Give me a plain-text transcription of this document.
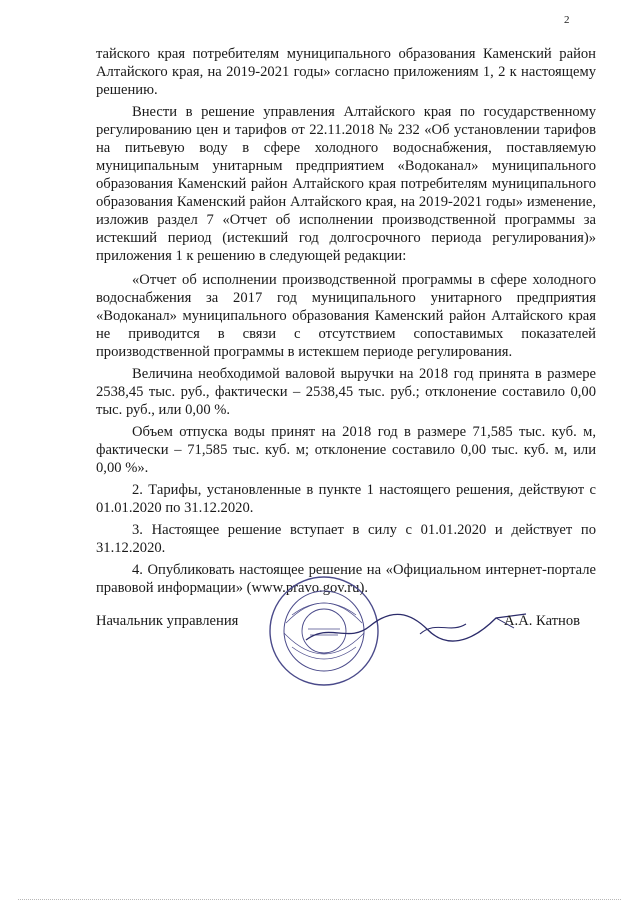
2

тайского края потребителям муниципального образования Каменский район Алтайского края, на 2019-2021 годы» согласно приложениям 1, 2 к настоящему решению.

Внести в решение управления Алтайского края по государственному регулированию цен и тарифов от 22.11.2018 № 232 «Об установлении тарифов на питьевую воду в сфере холодного водоснабжения, поставляемую муниципальным унитарным предприятием «Водоканал» муниципального образования Каменский район Алтайского края потребителям муниципального образования Каменский район Алтайского края, на 2019-2021 годы» изменение, изложив раздел 7 «Отчет об исполнении производственной программы за истекший период (истекший год долгосрочного периода регулирования)» приложения 1 к решению в следующей редакции:

«Отчет об исполнении производственной программы в сфере холодного водоснабжения за 2017 год муниципального унитарного предприятия «Водоканал» муниципального образования Каменский район Алтайского края не приводится в связи с отсутствием сопоставимых показателей производственной программы в истекшем периоде регулирования.

Величина необходимой валовой выручки на 2018 год принята в размере 2538,45 тыс. руб., фактически – 2538,45 тыс. руб.; отклонение составило 0,00 тыс. руб., или 0,00 %.

Объем отпуска воды принят на 2018 год в размере 71,585 тыс. куб. м, фактически – 71,585 тыс. куб. м; отклонение составило 0,00 тыс. куб. м, или 0,00 %».

2. Тарифы, установленные в пункте 1 настоящего решения, действуют с 01.01.2020 по 31.12.2020.

3. Настоящее решение вступает в силу с 01.01.2020 и действует по 31.12.2020.

4. Опубликовать настоящее решение на «Официальном интернет-портале правовой информации» (www.pravo.gov.ru).

Начальник управления	А.А. Катнов
